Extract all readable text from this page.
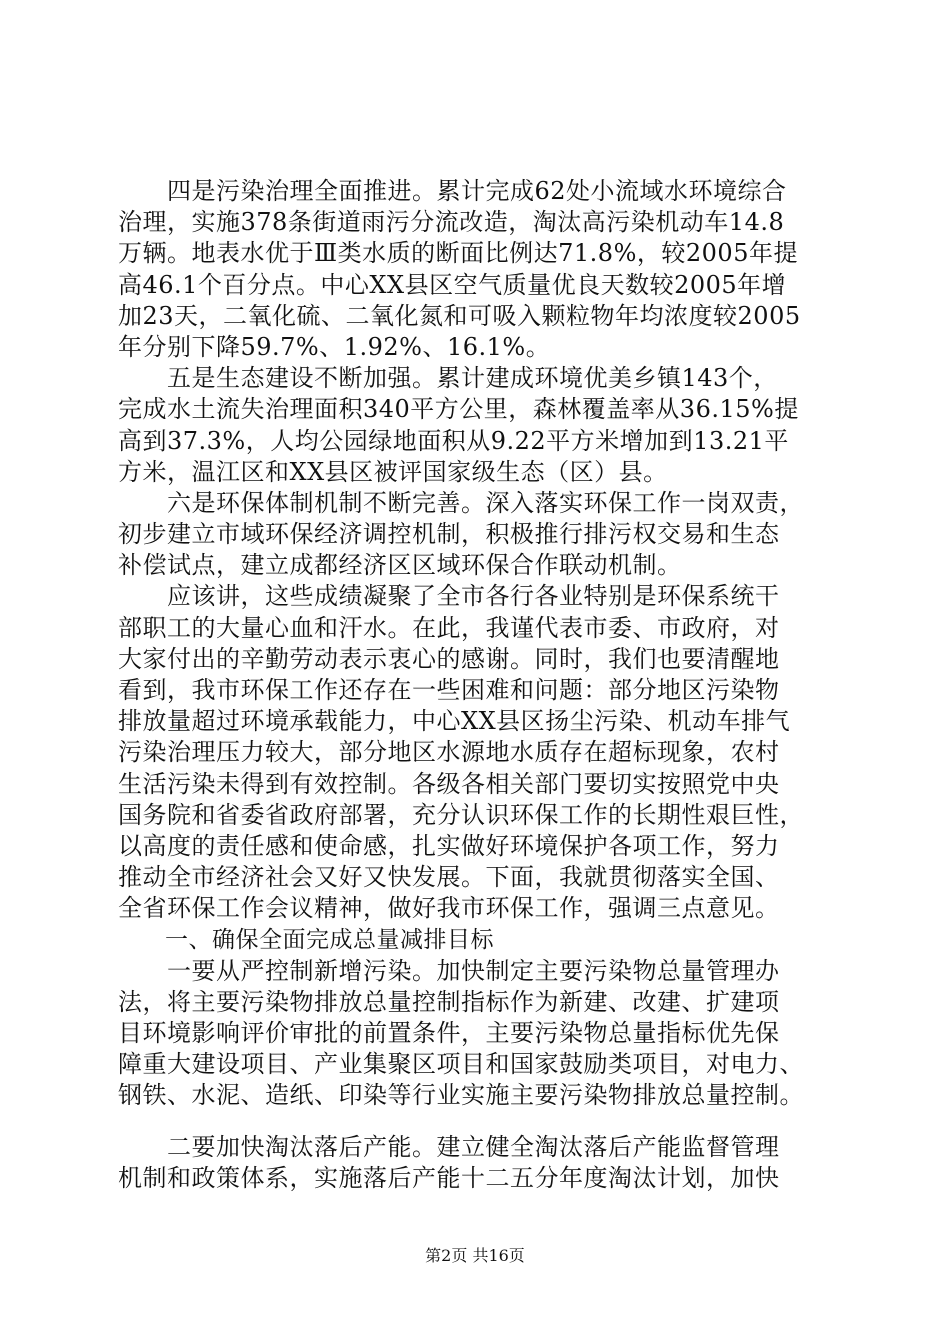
　　四是污染治理全面推进。累计完成62处小流域水环境综合
治理，实施378条街道雨污分流改造，淘汰高污染机动车14.8
万辆。地表水优于Ⅲ类水质的断面比例达71.8%，较2005年提
高46.1个百分点。中心XX县区空气质量优良天数较2005年增
加23天，二氧化硫、二氧化氮和可吸入颗粒物年均浓度较2005
年分别下降59.7%、1.92%、16.1%。
　　五是生态建设不断加强。累计建成环境优美乡镇143个，
完成水土流失治理面积340平方公里，森林覆盖率从36.15%提
高到37.3%，人均公园绿地面积从9.22平方米增加到13.21平
方米，温江区和XX县区被评国家级生态（区）县。
　　六是环保体制机制不断完善。深入落实环保工作一岗双责，
初步建立市域环保经济调控机制，积极推行排污权交易和生态
补偿试点，建立成都经济区区域环保合作联动机制。
　　应该讲，这些成绩凝聚了全市各行各业特别是环保系统干
部职工的大量心血和汗水。在此，我谨代表市委、市政府，对
大家付出的辛勤劳动表示衷心的感谢。同时，我们也要清醒地
看到，我市环保工作还存在一些困难和问题：部分地区污染物
排放量超过环境承载能力，中心XX县区扬尘污染、机动车排气
污染治理压力较大，部分地区水源地水质存在超标现象，农村
生活污染未得到有效控制。各级各相关部门要切实按照党中央
国务院和省委省政府部署，充分认识环保工作的长期性艰巨性，
以高度的责任感和使命感，扎实做好环境保护各项工作，努力
推动全市经济社会又好又快发展。下面，我就贯彻落实全国、
全省环保工作会议精神，做好我市环保工作，强调三点意见。
　　一、确保全面完成总量减排目标
　　一要从严控制新增污染。加快制定主要污染物总量管理办
法，将主要污染物排放总量控制指标作为新建、改建、扩建项
目环境影响评价审批的前置条件，主要污染物总量指标优先保
障重大建设项目、产业集聚区项目和国家鼓励类项目，对电力、
钢铁、水泥、造纸、印染等行业实施主要污染物排放总量控制。
　　二要加快淘汰落后产能。建立健全淘汰落后产能监督管理
机制和政策体系，实施落后产能十二五分年度淘汰计划，加快
第2页 共16页
